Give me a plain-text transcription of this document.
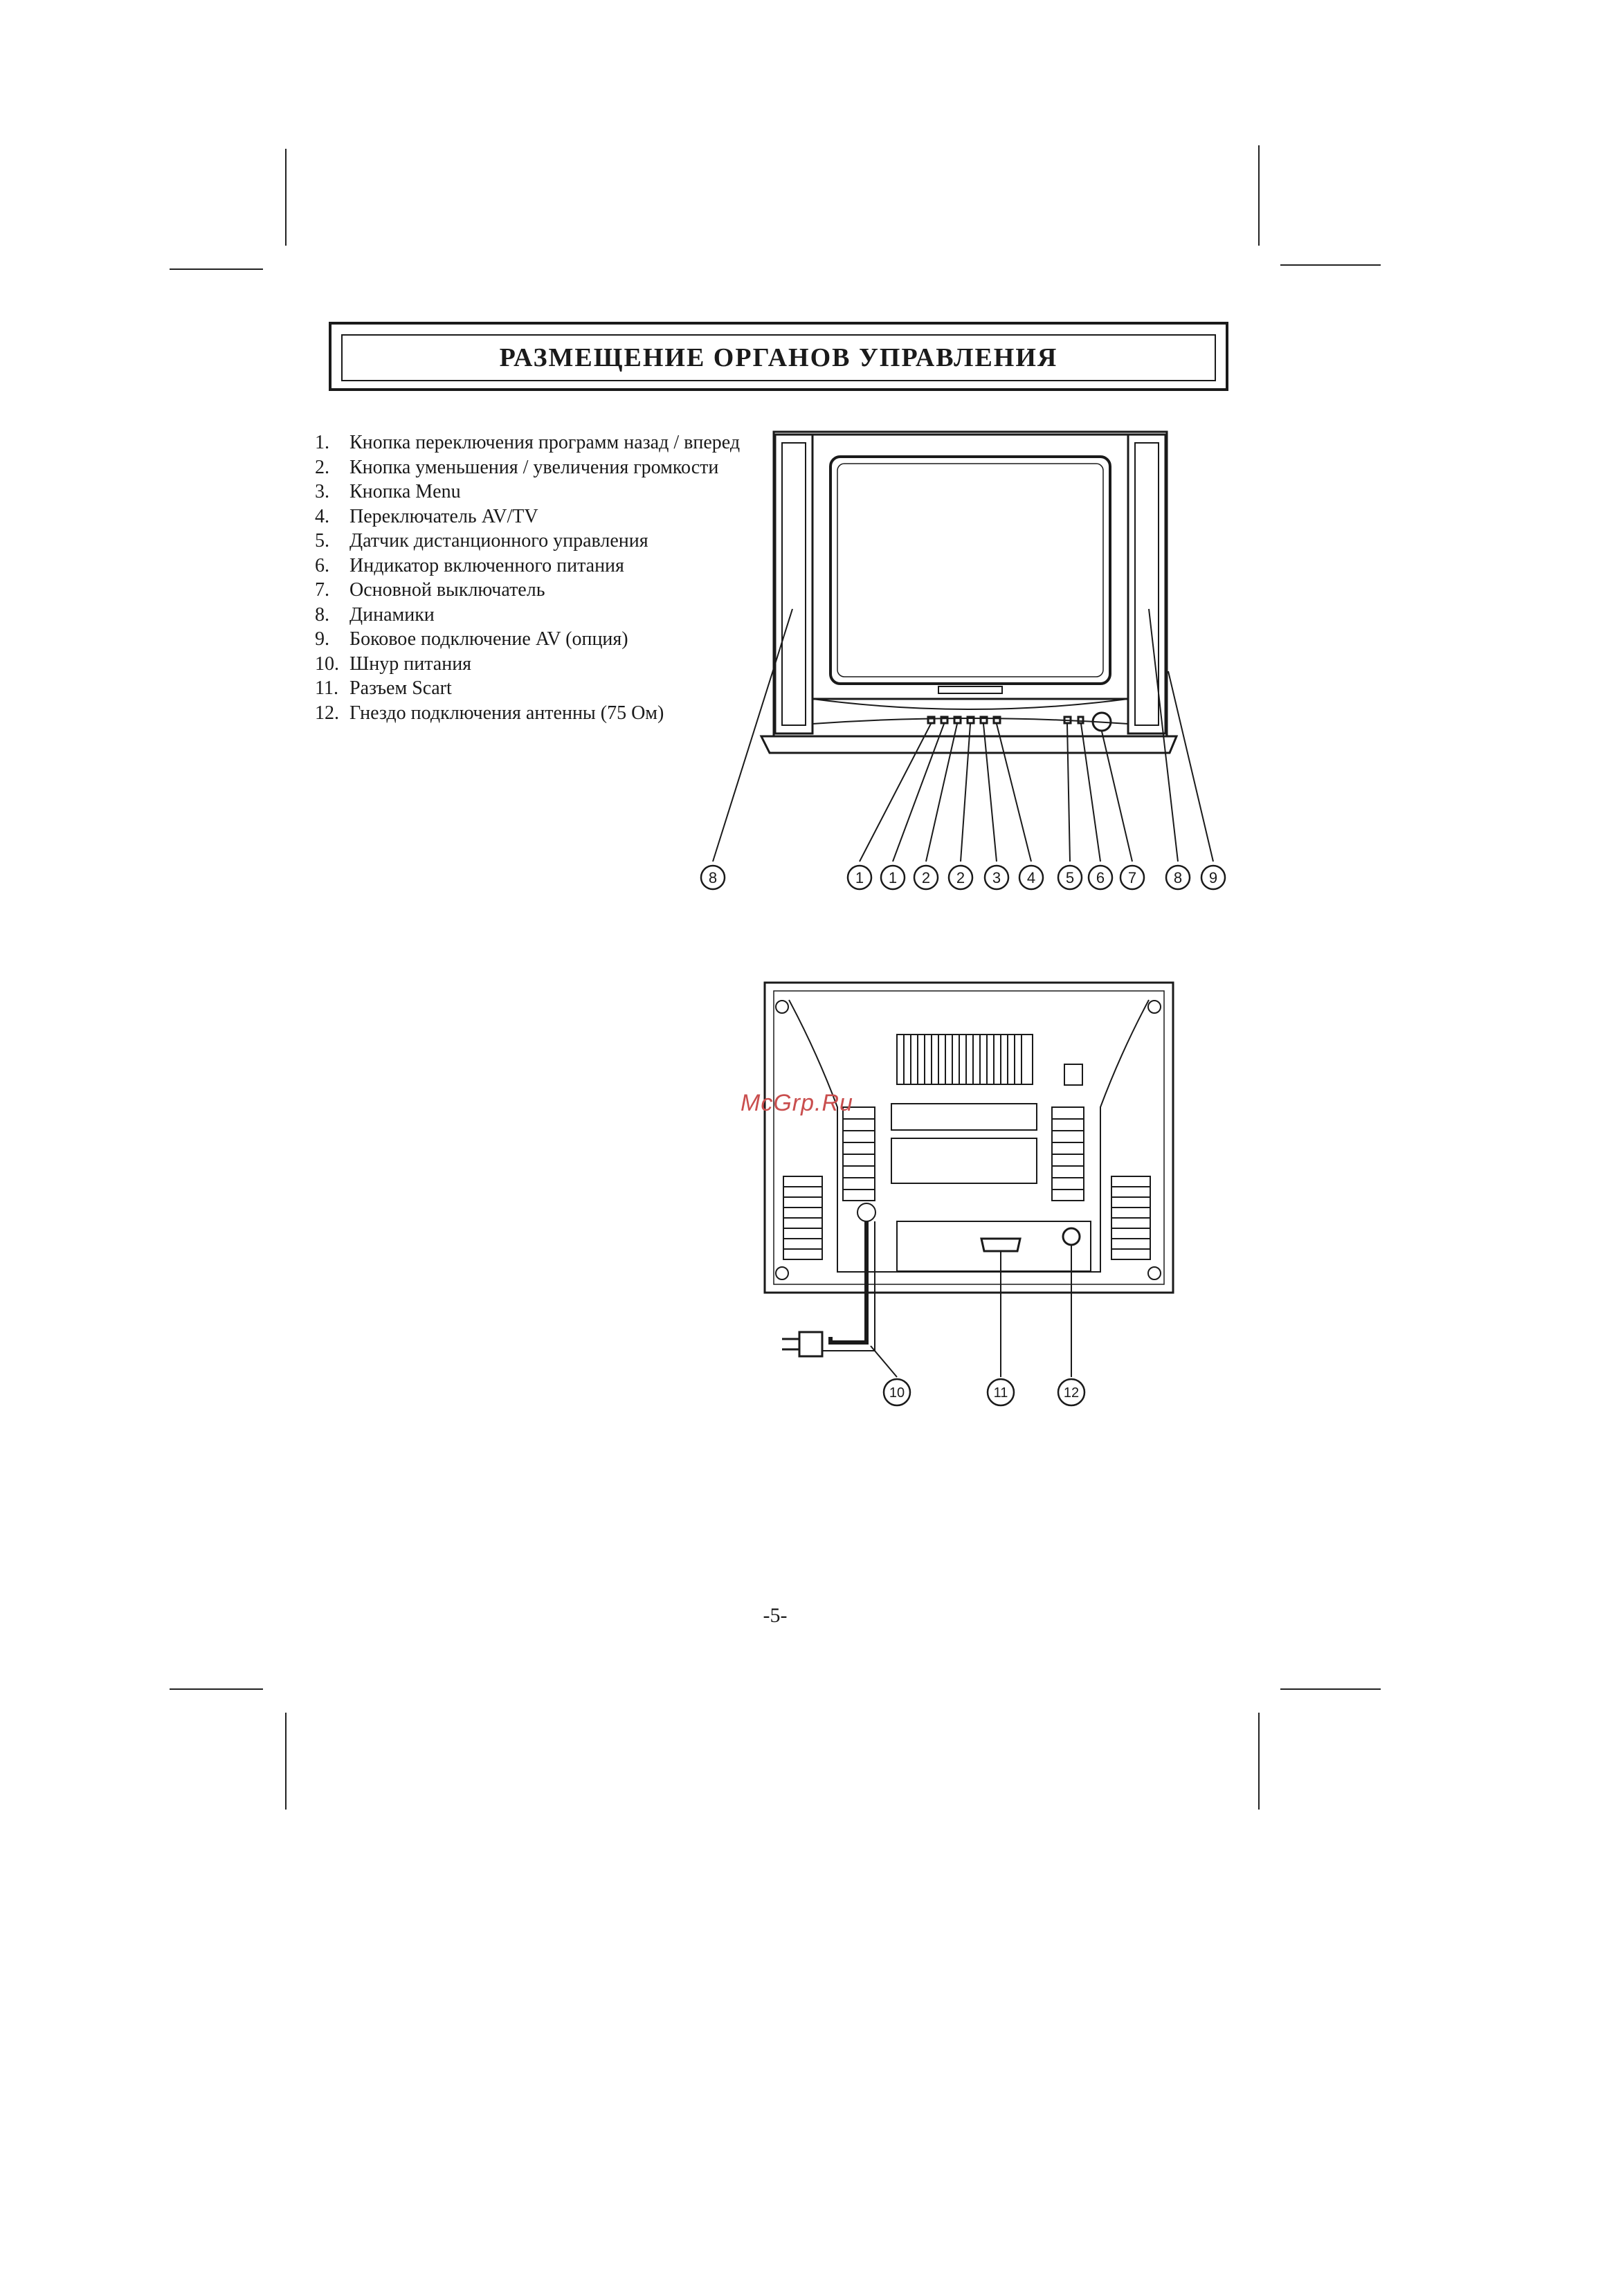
РАЗМЕЩЕНИЕ ОРГАНОВ УПРАВЛЕНИЯ
1.	Кнопка переключения программ назад / вперед
2.	Кнопка уменьшения / увеличения громкости
3.	Кнопка Menu
4.	Переключатель AV/TV
5.	Датчик дистанционного управления
6.	Индикатор включенного питания
7.	Основной выключатель
8.	Динамики
9.	Боковое подключение AV (опция)
10. Шнур питания
11. Разъем Scart
12. Гнездо подключения антенны (75 Ом)
8	1 1 2 2 3 4 5 6 7 8 9
10	11	12
McGrp.Ru
-5-
